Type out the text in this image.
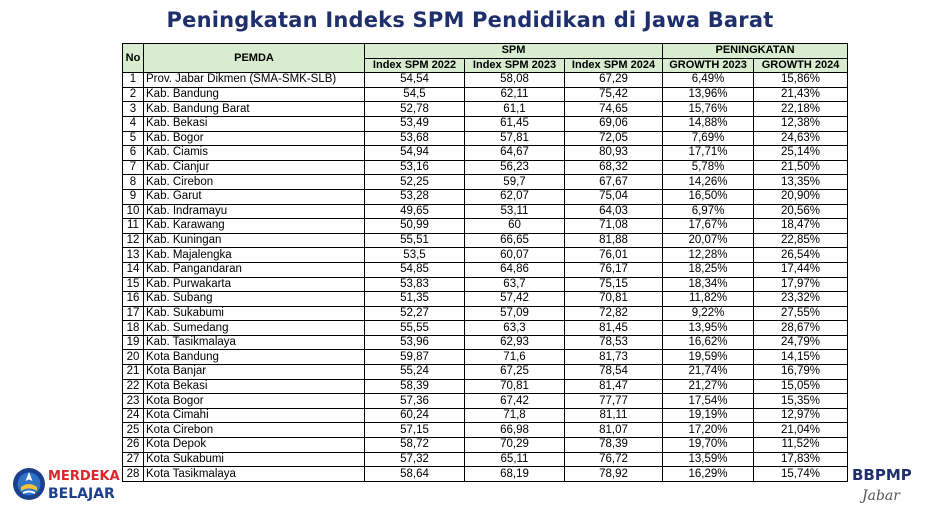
Peningkatan Indeks SPM Pendidikan di Jawa Barat
No	PEMDA	SPM			PENINGKATAN	
		Index SPM 2022	Index SPM 2023	Index SPM 2024	GROWTH 2023	GROWTH 2024
1	Prov. Jabar Dikmen (SMA-SMK-SLB)	54,54	58,08	67,29	6,49%	15,86%
2	Kab. Bandung	54,5	62,11	75,42	13,96%	21,43%
3	Kab. Bandung Barat	52,78	61,1	74,65	15,76%	22,18%
4	Kab. Bekasi	53,49	61,45	69,06	14,88%	12,38%
5	Kab. Bogor	53,68	57,81	72,05	7,69%	24,63%
6	Kab. Ciamis	54,94	64,67	80,93	17,71%	25,14%
7	Kab. Cianjur	53,16	56,23	68,32	5,78%	21,50%
8	Kab. Cirebon	52,25	59,7	67,67	14,26%	13,35%
9	Kab. Garut	53,28	62,07	75,04	16,50%	20,90%
10	Kab. Indramayu	49,65	53,11	64,03	6,97%	20,56%
11	Kab. Karawang	50,99	60	71,08	17,67%	18,47%
12	Kab. Kuningan	55,51	66,65	81,88	20,07%	22,85%
13	Kab. Majalengka	53,5	60,07	76,01	12,28%	26,54%
14	Kab. Pangandaran	54,85	64,86	76,17	18,25%	17,44%
15	Kab. Purwakarta	53,83	63,7	75,15	18,34%	17,97%
16	Kab. Subang	51,35	57,42	70,81	11,82%	23,32%
17	Kab. Sukabumi	52,27	57,09	72,82	9,22%	27,55%
18	Kab. Sumedang	55,55	63,3	81,45	13,95%	28,67%
19	Kab. Tasikmalaya	53,96	62,93	78,53	16,62%	24,79%
20	Kota Bandung	59,87	71,6	81,73	19,59%	14,15%
21	Kota Banjar	55,24	67,25	78,54	21,74%	16,79%
22	Kota Bekasi	58,39	70,81	81,47	21,27%	15,05%
23	Kota Bogor	57,36	67,42	77,77	17,54%	15,35%
24	Kota Cimahi	60,24	71,8	81,11	19,19%	12,97%
25	Kota Cirebon	57,15	66,98	81,07	17,20%	21,04%
26	Kota Depok	58,72	70,29	78,39	19,70%	11,52%
27	Kota Sukabumi	57,32	65,11	76,72	13,59%	17,83%
28	Kota Tasikmalaya	58,64	68,19	78,92	16,29%	15,74%
MERDEKA
BELAJAR
BBPMP
Jabar
